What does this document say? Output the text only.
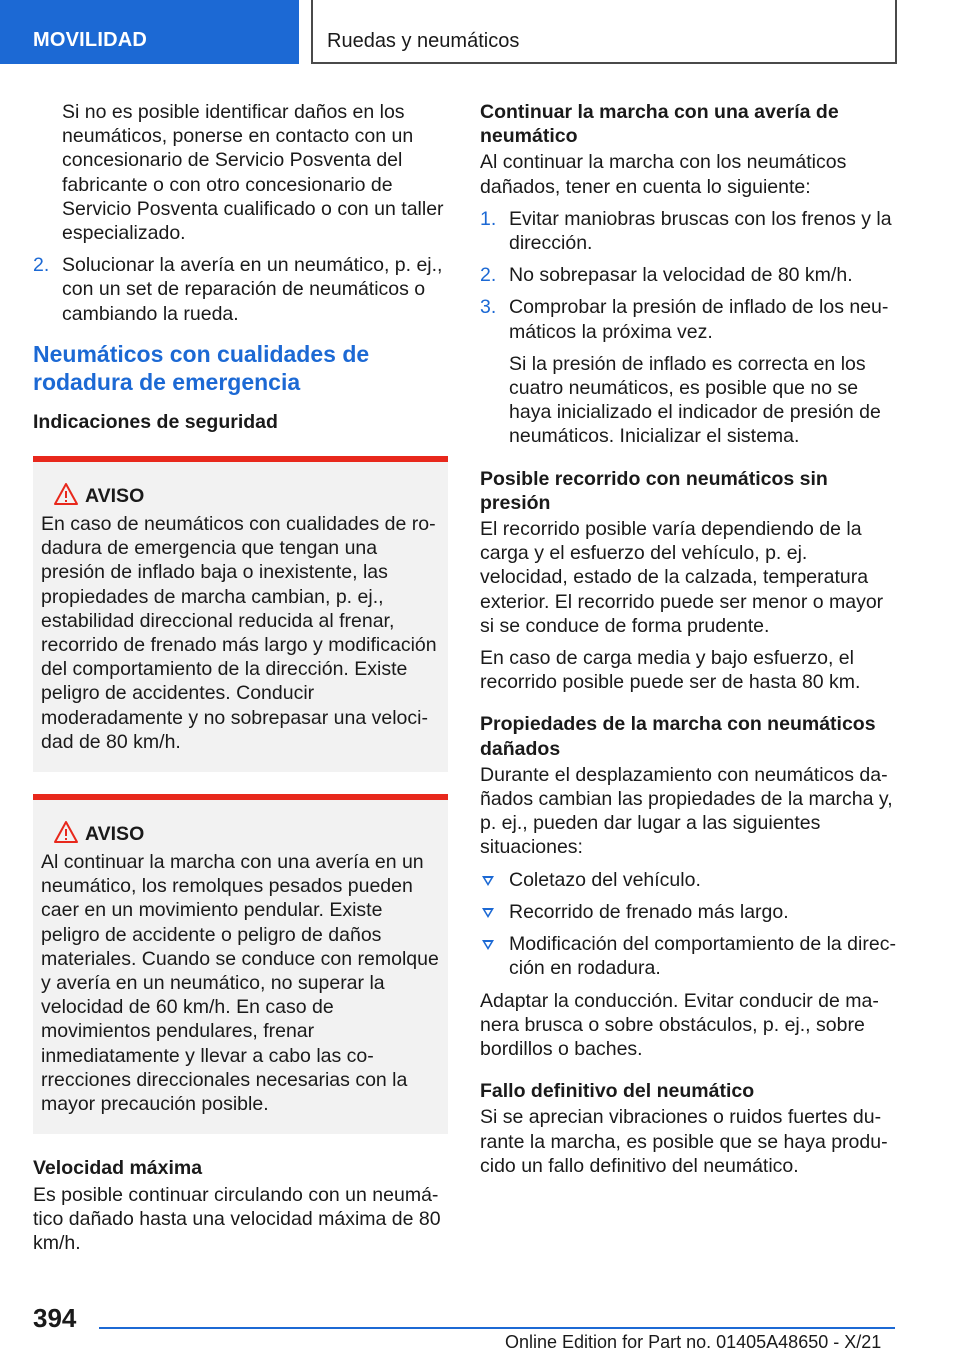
MOVILIDAD	Ruedas y neumáticos

Si no es posible identificar daños en los neumáticos, ponerse en contacto con un concesionario de Servicio Posventa del fabricante o con otro concesionario de Servicio Posventa cualificado o con un taller especializado.

2. Solucionar la avería en un neumático, p. ej., con un set de reparación de neumáticos o cambiando la rueda.
Neumáticos con cualidades de rodadura de emergencia
Indicaciones de seguridad
AVISO
En caso de neumáticos con cualidades de rodadura de emergencia que tengan una presión de inflado baja o inexistente, las propiedades de marcha cambian, p. ej., estabilidad direccional reducida al frenar, recorrido de frenado más largo y modificación del comportamiento de la dirección. Existe peligro de accidentes. Conducir moderadamente y no sobrepasar una velocidad de 80 km/h.
AVISO
Al continuar la marcha con una avería en un neumático, los remolques pesados pueden caer en un movimiento pendular. Existe peligro de accidente o peligro de daños materiales. Cuando se conduce con remolque y avería en un neumático, no superar la velocidad de 60 km/h. En caso de movimientos pendulares, frenar inmediatamente y llevar a cabo las correcciones direccionales necesarias con la mayor precaución posible.
Velocidad máxima

Es posible continuar circulando con un neumático dañado hasta una velocidad máxima de 80 km/h.

Continuar la marcha con una avería de neumático

Al continuar la marcha con los neumáticos dañados, tener en cuenta lo siguiente:

1. Evitar maniobras bruscas con los frenos y la dirección.
2. No sobrepasar la velocidad de 80 km/h.
3. Comprobar la presión de inflado de los neumáticos la próxima vez.

Si la presión de inflado es correcta en los cuatro neumáticos, es posible que no se haya inicializado el indicador de presión de neumáticos. Inicializar el sistema.

Posible recorrido con neumáticos sin presión

El recorrido posible varía dependiendo de la carga y el esfuerzo del vehículo, p. ej. velocidad, estado de la calzada, temperatura exterior. El recorrido puede ser menor o mayor si se conduce de forma prudente.

En caso de carga media y bajo esfuerzo, el recorrido posible puede ser de hasta 80 km.

Propiedades de la marcha con neumáticos dañados

Durante el desplazamiento con neumáticos dañados cambian las propiedades de la marcha y, p. ej., pueden dar lugar a las siguientes situaciones:

Coletazo del vehículo.
Recorrido de frenado más largo.
Modificación del comportamiento de la dirección en rodadura.

Adaptar la conducción. Evitar conducir de manera brusca o sobre obstáculos, p. ej., sobre bordillos o baches.

Fallo definitivo del neumático

Si se aprecian vibraciones o ruidos fuertes durante la marcha, es posible que se haya producido un fallo definitivo del neumático.

394
Online Edition for Part no. 01405A48650 - X/21
